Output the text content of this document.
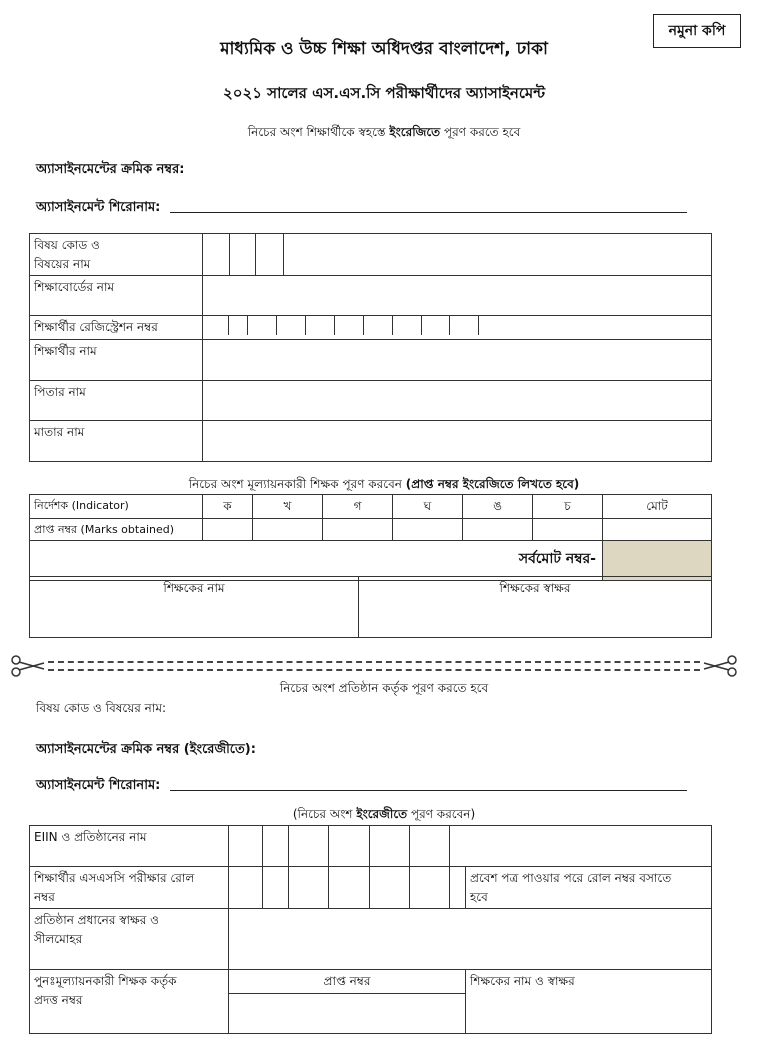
নমুনা কপি
মাধ্যমিক ও উচ্চ শিক্ষা অধিদপ্তর বাংলাদেশ, ঢাকা
২০২১ সালের এস.এস.সি পরীক্ষার্থীদের অ্যাসাইনমেন্ট
নিচের অংশ শিক্ষার্থীকে স্বহস্তে ইংরেজিতে পূরণ করতে হবে
অ্যাসাইনমেন্টের ক্রমিক নম্বর:
অ্যাসাইনমেন্ট শিরোনাম:
বিষয় কোড ও
বিষয়ের নাম				
শিক্ষাবোর্ডের নাম				
শিক্ষার্থীর রেজিস্ট্রেশন নম্বর				

শিক্ষার্থীর নাম				
পিতার নাম				
মাতার নাম				
নিচের অংশ মূল্যায়নকারী শিক্ষক পূরণ করবেন (প্রাপ্ত নম্বর ইংরেজিতে লিখতে হবে)
নির্দেশক (Indicator)	ক	খ	গ	ঘ	ঙ	চ	মোট
প্রাপ্ত নম্বর (Marks obtained)							
সর্বমোট নম্বর-							
শিক্ষকের নাম	শিক্ষকের স্বাক্ষর
নিচের অংশ প্রতিষ্ঠান কর্তৃক পূরণ করতে হবে
বিষয় কোড ও বিষয়ের নাম:
অ্যাসাইনমেন্টের ক্রমিক নম্বর (ইংরেজীতে):
অ্যাসাইনমেন্ট শিরোনাম:
(নিচের অংশ ইংরেজীতে পূরণ করবেন)
EIIN ও প্রতিষ্ঠানের নাম								
শিক্ষার্থীর এসএসসি পরীক্ষার রোল
নম্বর								প্রবেশ পত্র পাওয়ার পরে রোল নম্বর বসাতে
হবে
প্রতিষ্ঠান প্রধানের স্বাক্ষর ও
সীলমোহর								
পুনঃমূল্যায়নকারী শিক্ষক কর্তৃক
প্রদত্ত নম্বর	প্রাপ্ত নম্বর							শিক্ষকের নাম ও স্বাক্ষর
